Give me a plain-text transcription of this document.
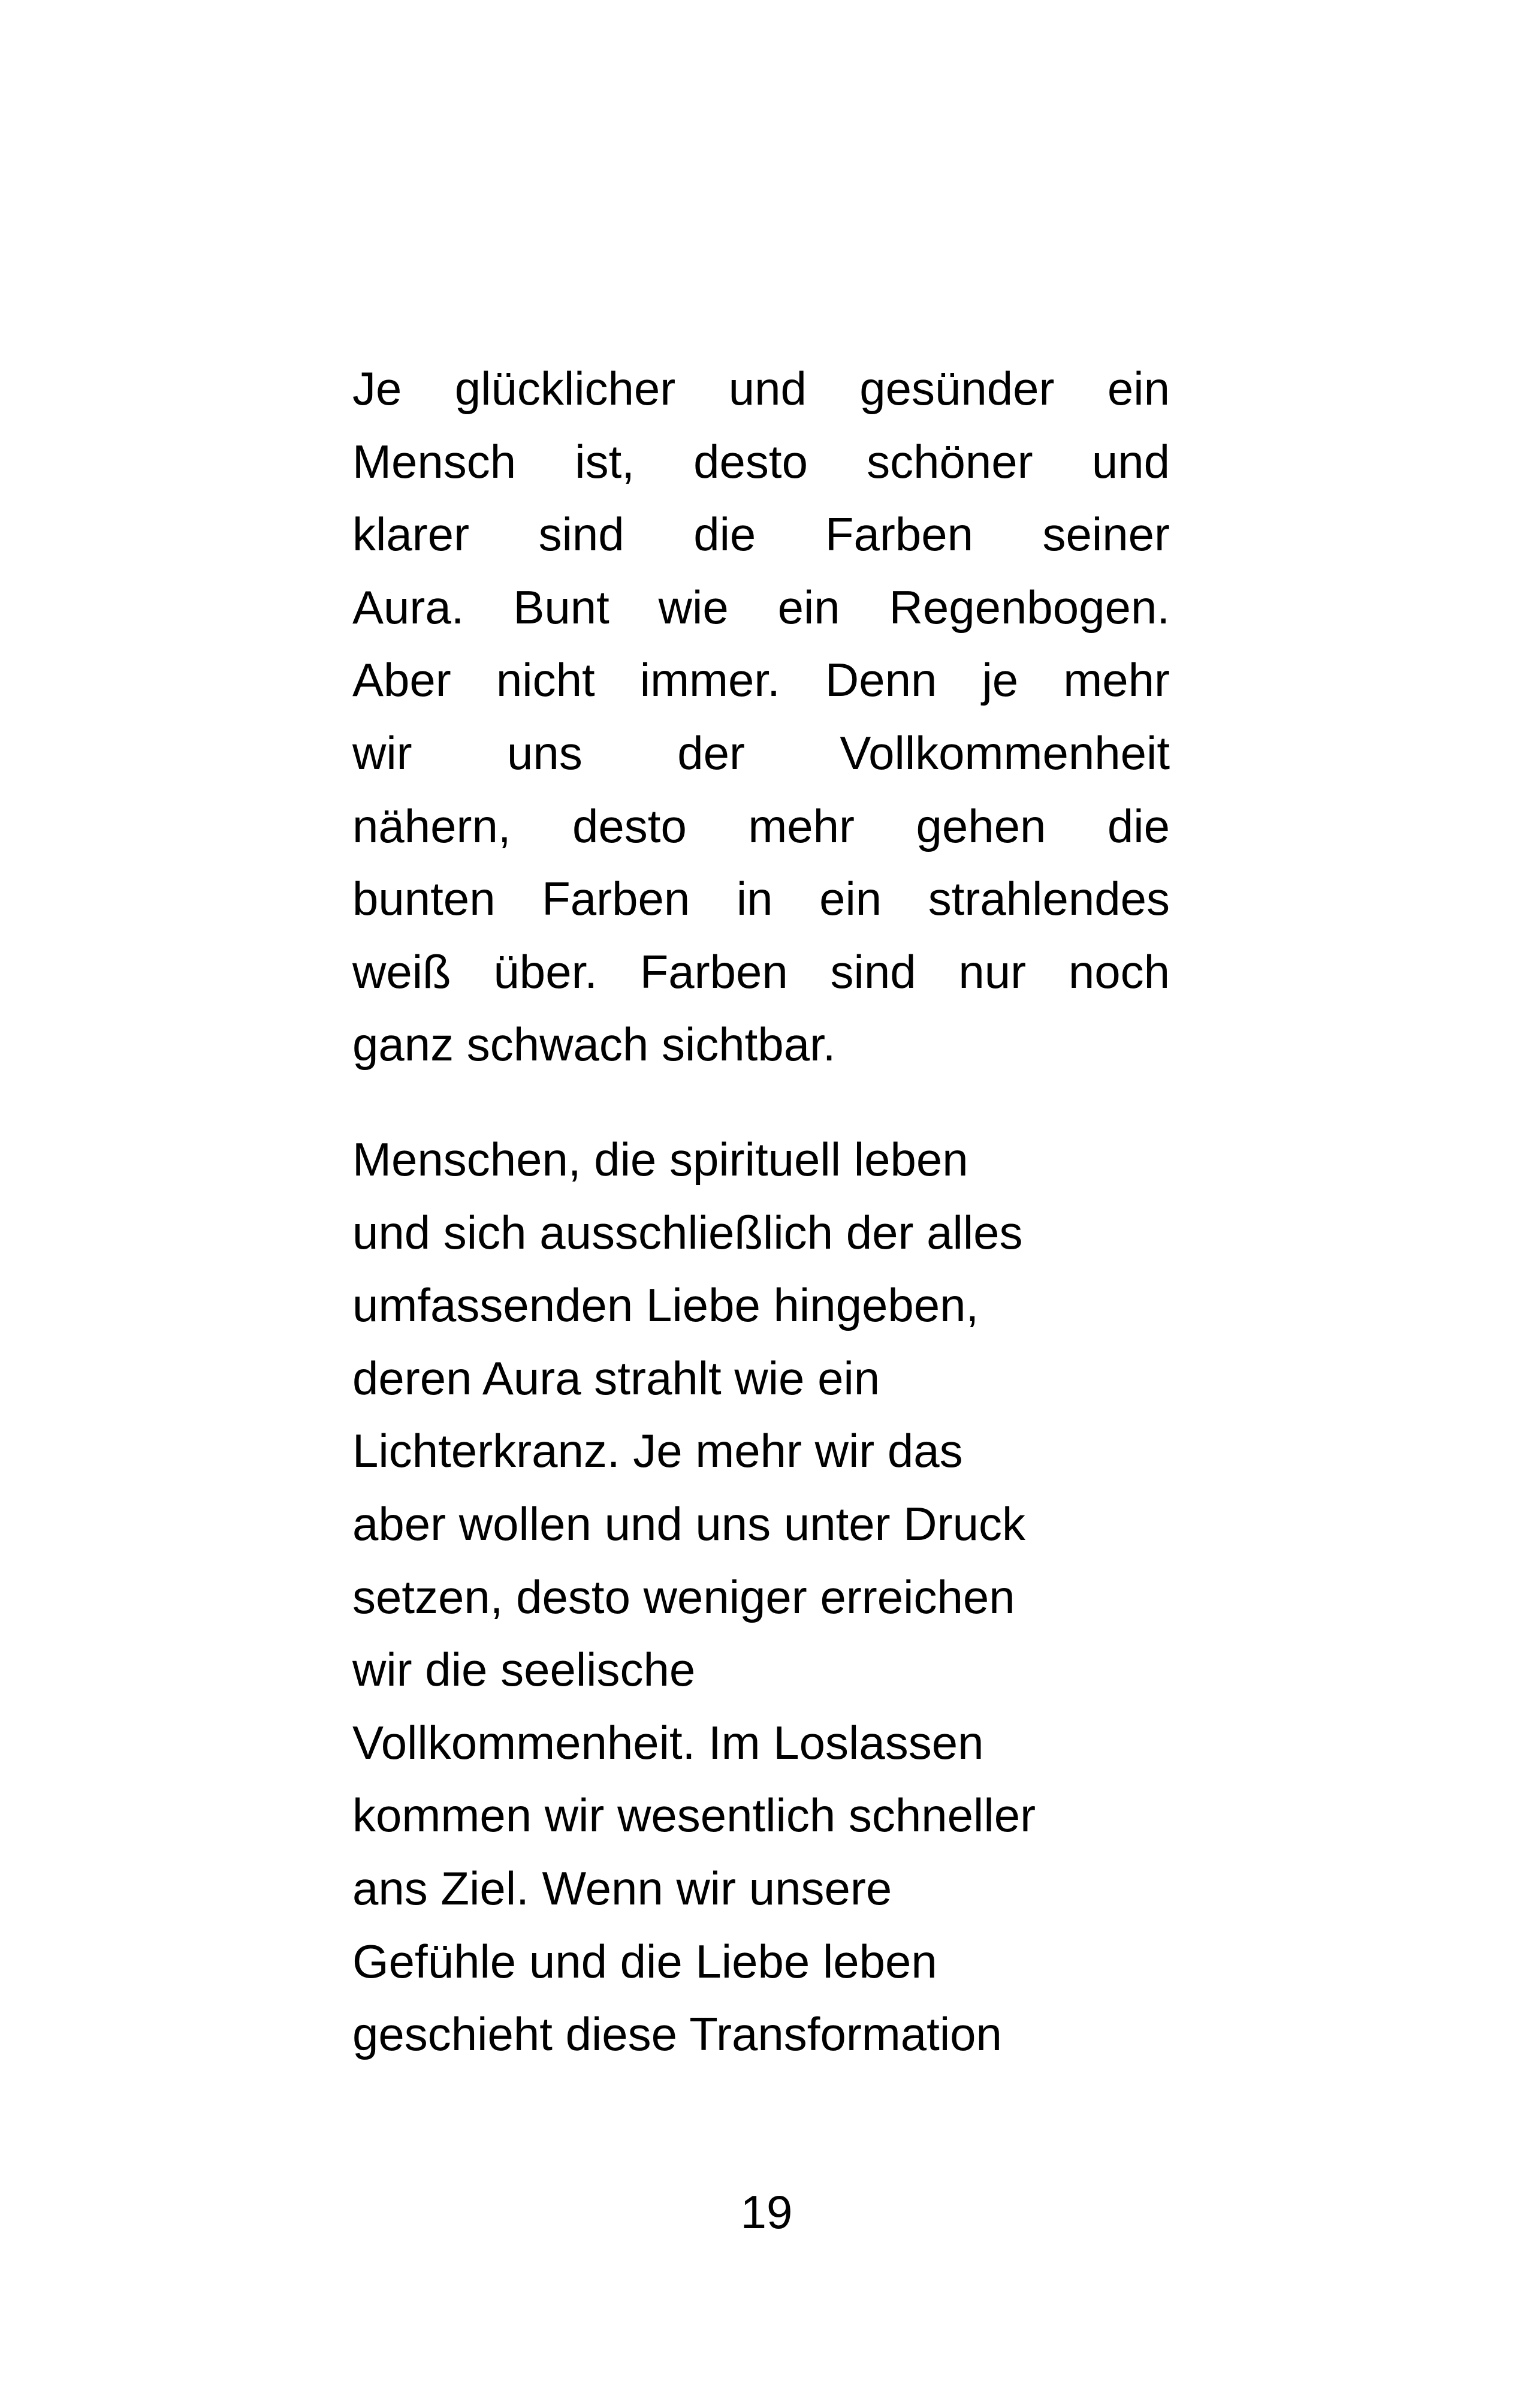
Je glücklicher und gesünder ein
Mensch ist, desto schöner und
klarer sind die Farben seiner
Aura. Bunt wie ein Regenbogen.
Aber nicht immer. Denn je mehr
wir uns der Vollkommenheit
nähern, desto mehr gehen die
bunten Farben in ein strahlendes
weiß über. Farben sind nur noch
ganz schwach sichtbar.
Menschen, die spirituell leben
und sich ausschließlich der alles
umfassenden Liebe hingeben,
deren Aura strahlt wie ein
Lichterkranz. Je mehr wir das
aber wollen und uns unter Druck
setzen, desto weniger erreichen
wir die seelische
Vollkommenheit. Im Loslassen
kommen wir wesentlich schneller
ans Ziel. Wenn wir unsere
Gefühle und die Liebe leben
geschieht diese Transformation
19
